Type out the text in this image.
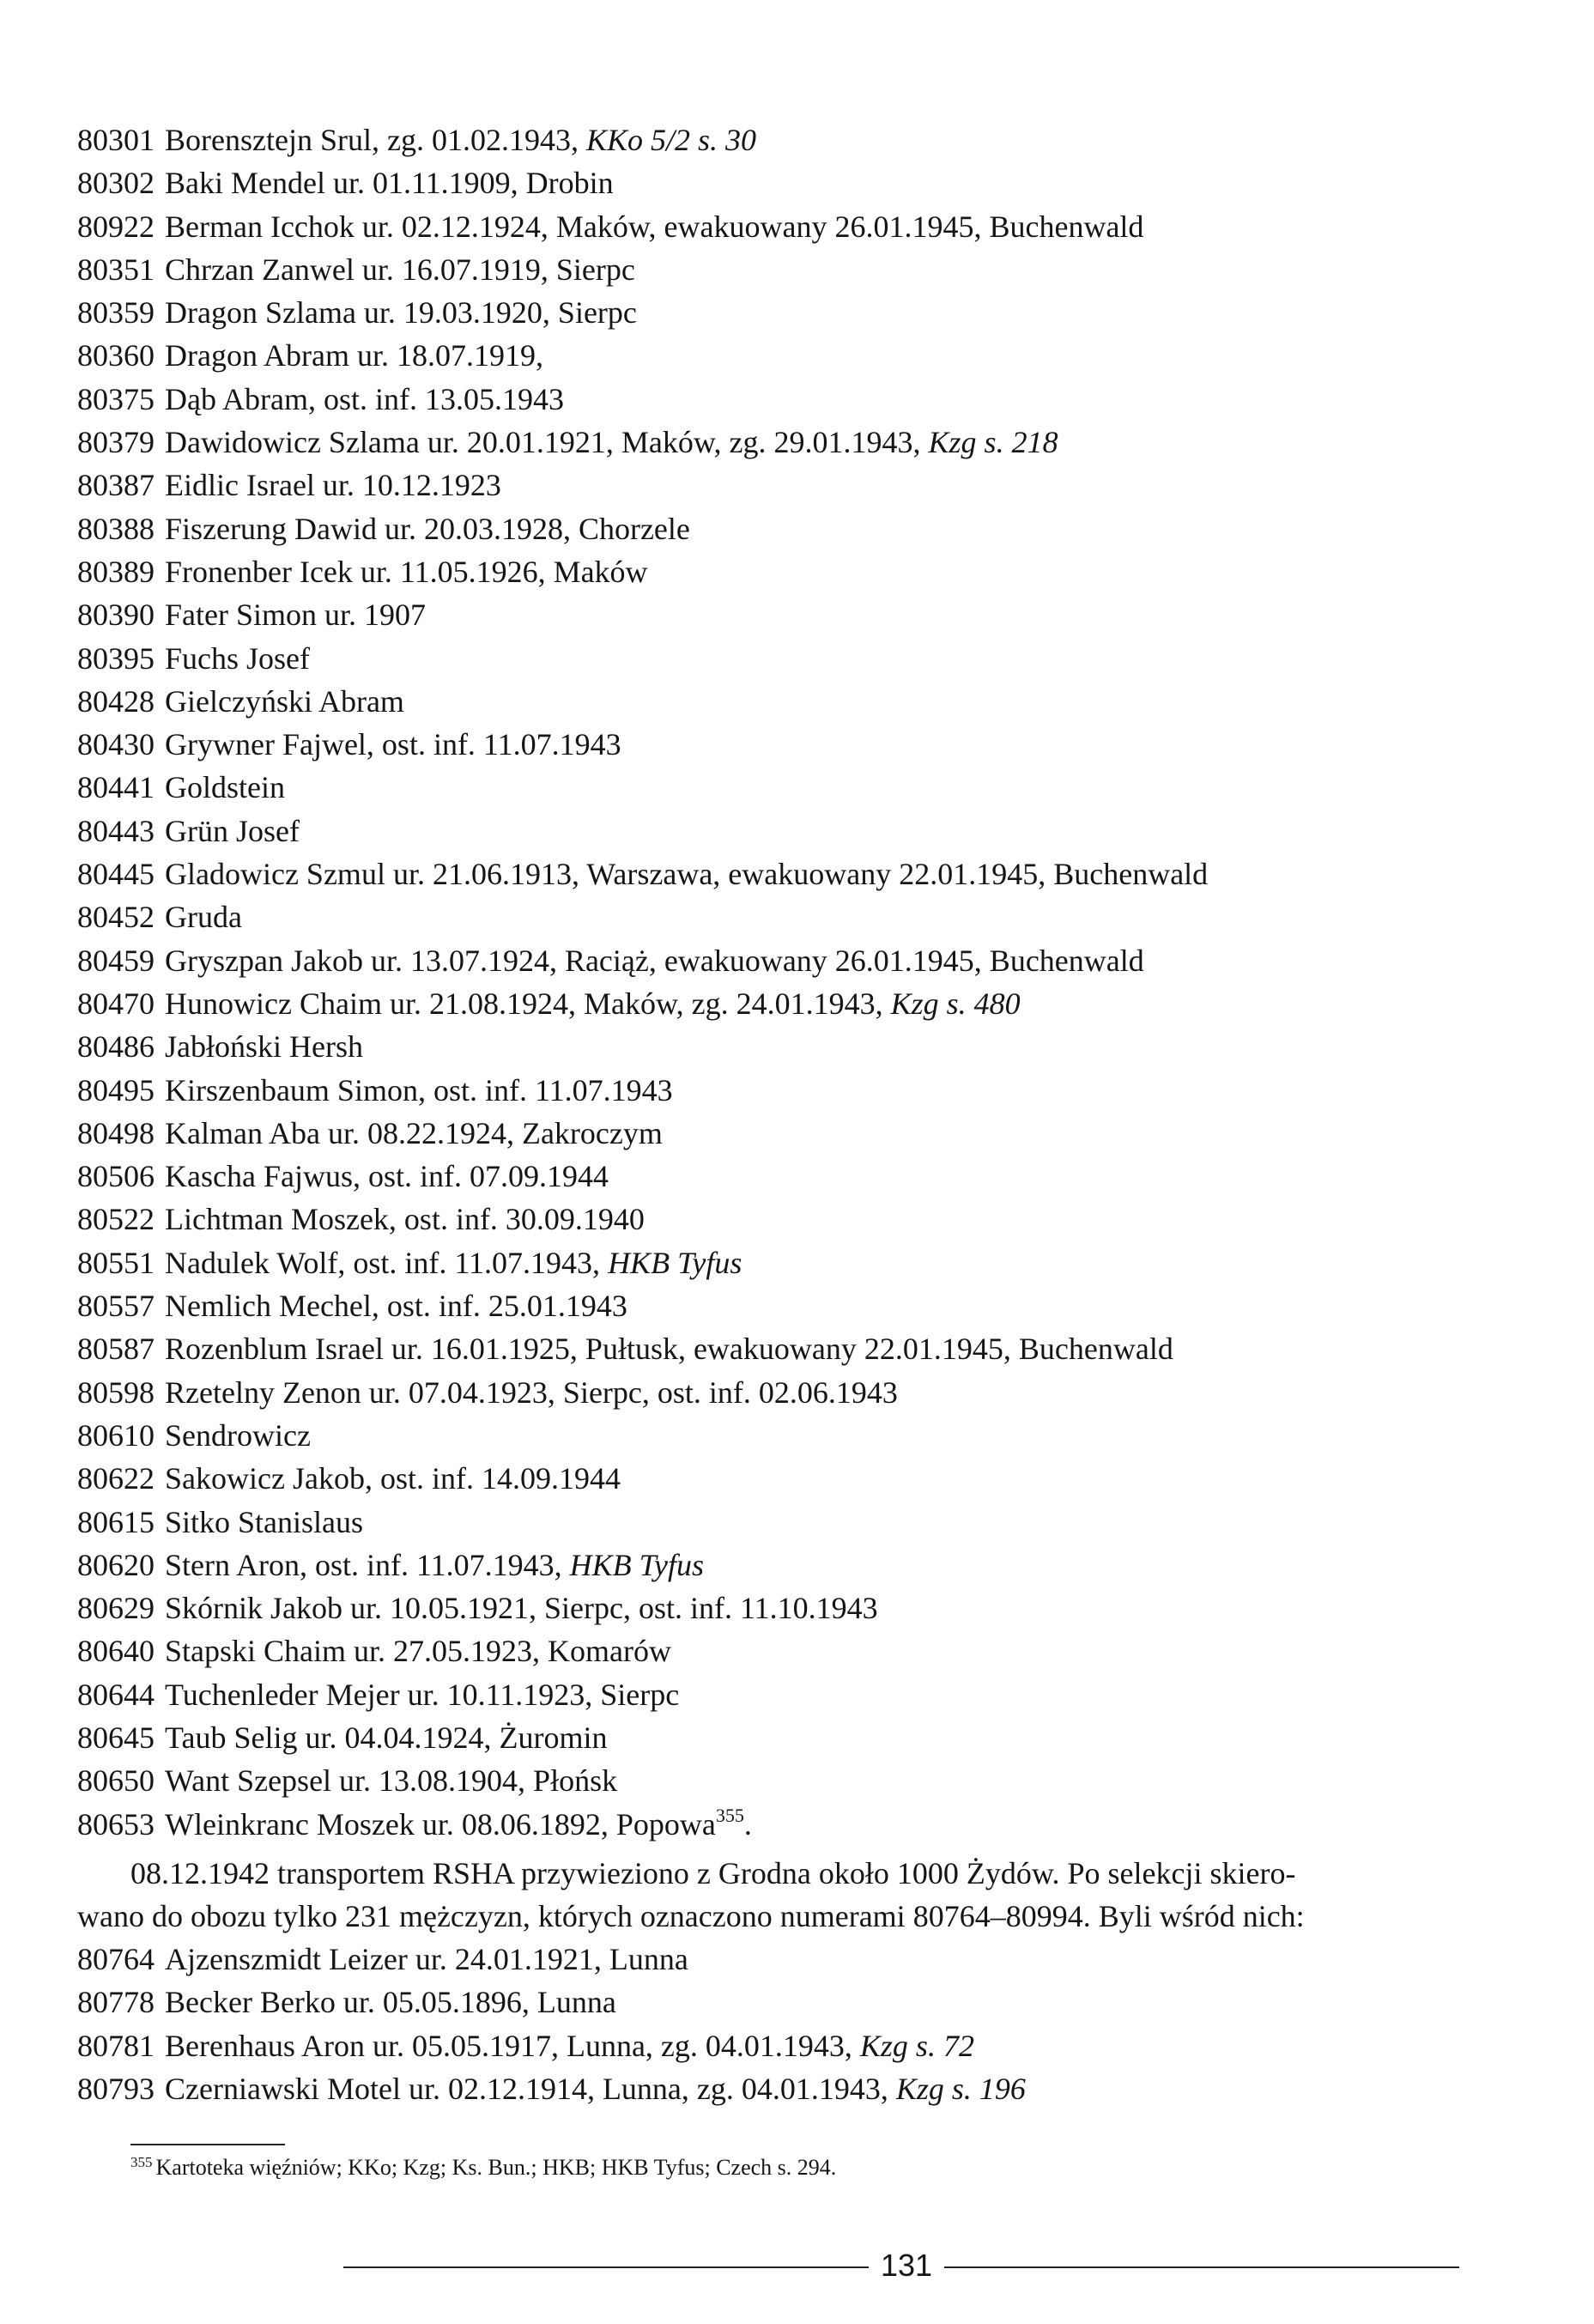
80301 Borensztejn Srul, zg. 01.02.1943, KKo 5/2 s. 30
80302 Baki Mendel ur. 01.11.1909, Drobin
80922 Berman Icchok ur. 02.12.1924, Maków, ewakuowany 26.01.1945, Buchenwald
80351 Chrzan Zanwel ur. 16.07.1919, Sierpc
80359 Dragon Szlama ur. 19.03.1920, Sierpc
80360 Dragon Abram ur. 18.07.1919,
80375 Dąb Abram, ost. inf. 13.05.1943
80379 Dawidowicz Szlama ur. 20.01.1921, Maków, zg. 29.01.1943, Kzg s. 218
80387 Eidlic Israel ur. 10.12.1923
80388 Fiszerung Dawid ur. 20.03.1928, Chorzele
80389 Fronenber Icek ur. 11.05.1926, Maków
80390 Fater Simon ur. 1907
80395 Fuchs Josef
80428 Gielczyński Abram
80430 Grywner Fajwel, ost. inf. 11.07.1943
80441 Goldstein
80443 Grün Josef
80445 Gladowicz Szmul ur. 21.06.1913, Warszawa, ewakuowany 22.01.1945, Buchenwald
80452 Gruda
80459 Gryszpan Jakob ur. 13.07.1924, Raciąż, ewakuowany 26.01.1945, Buchenwald
80470 Hunowicz Chaim ur. 21.08.1924, Maków, zg. 24.01.1943, Kzg s. 480
80486 Jabłoński Hersh
80495 Kirszenbaum Simon, ost. inf. 11.07.1943
80498 Kalman Aba ur. 08.22.1924, Zakroczym
80506 Kascha Fajwus, ost. inf. 07.09.1944
80522 Lichtman Moszek, ost. inf. 30.09.1940
80551 Nadulek Wolf, ost. inf. 11.07.1943, HKB Tyfus
80557 Nemlich Mechel, ost. inf. 25.01.1943
80587 Rozenblum Israel ur. 16.01.1925, Pułtusk, ewakuowany 22.01.1945, Buchenwald
80598 Rzetelny Zenon ur. 07.04.1923, Sierpc, ost. inf. 02.06.1943
80610 Sendrowicz
80622 Sakowicz Jakob, ost. inf. 14.09.1944
80615 Sitko Stanislaus
80620 Stern Aron, ost. inf. 11.07.1943, HKB Tyfus
80629 Skórnik Jakob ur. 10.05.1921, Sierpc, ost. inf. 11.10.1943
80640 Stapski Chaim ur. 27.05.1923, Komarów
80644 Tuchenleder Mejer ur. 10.11.1923, Sierpc
80645 Taub Selig ur. 04.04.1924, Żuromin
80650 Want Szepsel ur. 13.08.1904, Płońsk
80653 Wleinkranc Moszek ur. 08.06.1892, Popowa$^{355}$.
08.12.1942 transportem RSHA przywieziono z Grodna około 1000 Żydów. Po selekcji skiero-
wano do obozu tylko 231 mężczyzn, których oznaczono numerami 80764–80994. Byli wśród nich:
80764 Ajzenszmidt Leizer ur. 24.01.1921, Lunna
80778 Becker Berko ur. 05.05.1896, Lunna
80781 Berenhaus Aron ur. 05.05.1917, Lunna, zg. 04.01.1943, Kzg s. 72
80793 Czerniawski Motel ur. 02.12.1914, Lunna, zg. 04.01.1943, Kzg s. 196
$^{355}$ Kartoteka więźniów; KKo; Kzg; Ks. Bun.; HKB; HKB Tyfus; Czech s. 294.
131
